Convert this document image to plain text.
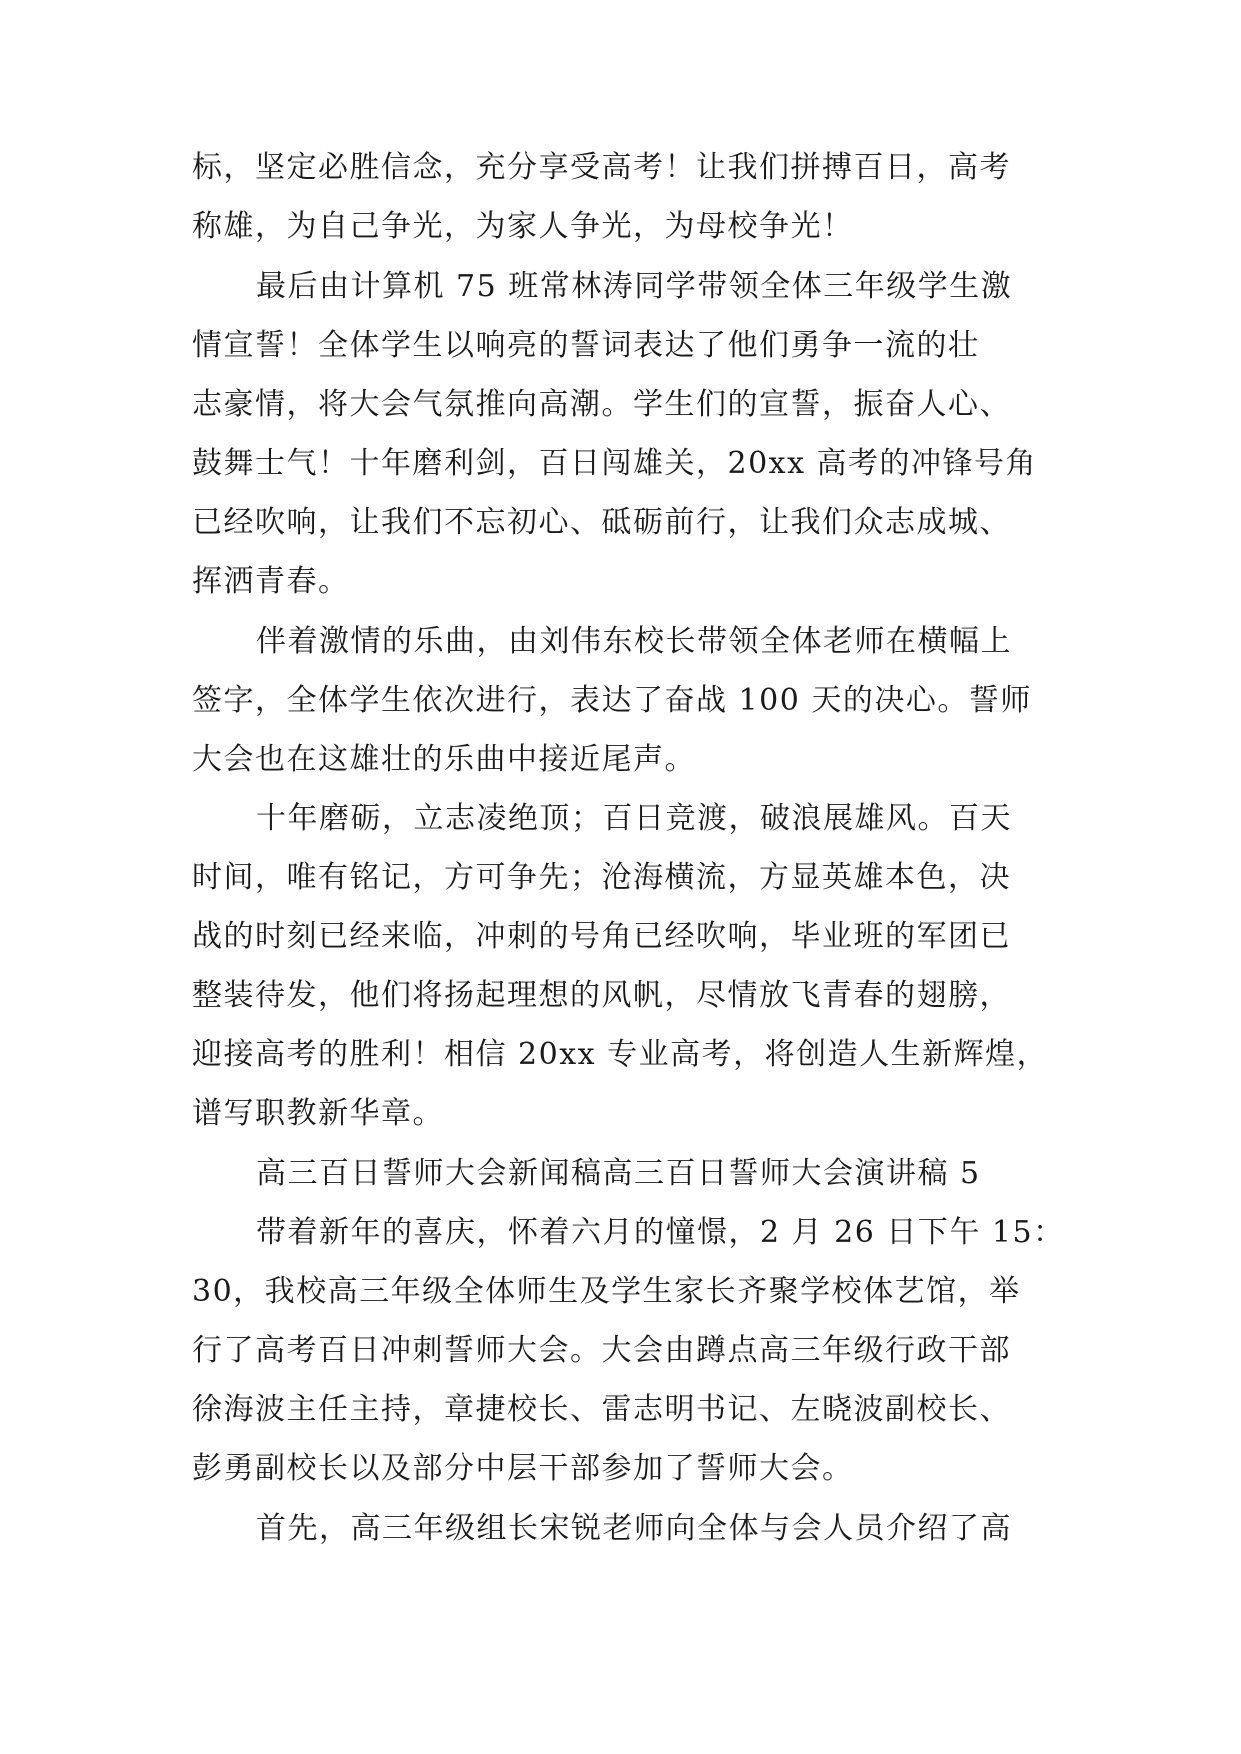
标，坚定必胜信念，充分享受高考！让我们拼搏百日，高考
称雄，为自己争光，为家人争光，为母校争光！
最后由计算机 75 班常林涛同学带领全体三年级学生激
情宣誓！全体学生以响亮的誓词表达了他们勇争一流的壮
志豪情，将大会气氛推向高潮。学生们的宣誓，振奋人心、
鼓舞士气！十年磨利剑，百日闯雄关，20xx 高考的冲锋号角
已经吹响，让我们不忘初心、砥砺前行，让我们众志成城、
挥洒青春。
伴着激情的乐曲，由刘伟东校长带领全体老师在横幅上
签字，全体学生依次进行，表达了奋战 100 天的决心。誓师
大会也在这雄壮的乐曲中接近尾声。
十年磨砺，立志凌绝顶；百日竞渡，破浪展雄风。百天
时间，唯有铭记，方可争先；沧海横流，方显英雄本色，决
战的时刻已经来临，冲刺的号角已经吹响，毕业班的军团已
整装待发，他们将扬起理想的风帆，尽情放飞青春的翅膀，
迎接高考的胜利！相信 20xx 专业高考，将创造人生新辉煌，
谱写职教新华章。
高三百日誓师大会新闻稿高三百日誓师大会演讲稿 5
带着新年的喜庆，怀着六月的憧憬，2 月 26 日下午 15：
30，我校高三年级全体师生及学生家长齐聚学校体艺馆，举
行了高考百日冲刺誓师大会。大会由蹲点高三年级行政干部
徐海波主任主持，章捷校长、雷志明书记、左晓波副校长、
彭勇副校长以及部分中层干部参加了誓师大会。
首先，高三年级组长宋锐老师向全体与会人员介绍了高
